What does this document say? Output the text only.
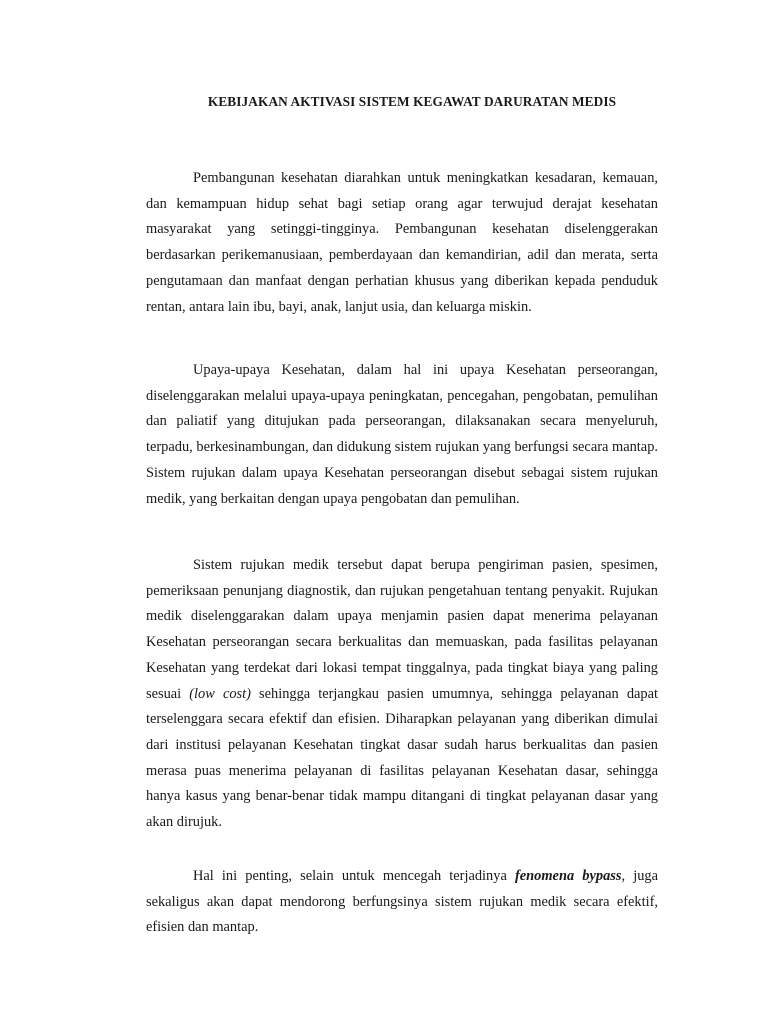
KEBIJAKAN AKTIVASI SISTEM KEGAWAT DARURATAN MEDIS

Pembangunan kesehatan diarahkan untuk meningkatkan kesadaran, kemauan, dan kemampuan hidup sehat bagi setiap orang agar terwujud derajat kesehatan masyarakat yang setinggi-tingginya. Pembangunan kesehatan diselenggerakan berdasarkan perikemanusiaan, pemberdayaan dan kemandirian, adil dan merata, serta pengutamaan dan manfaat dengan perhatian khusus yang diberikan kepada penduduk rentan, antara lain ibu, bayi, anak, lanjut usia, dan keluarga miskin.

Upaya-upaya Kesehatan, dalam hal ini upaya Kesehatan perseorangan, diselenggarakan melalui upaya-upaya peningkatan, pencegahan, pengobatan, pemulihan dan paliatif yang ditujukan pada perseorangan, dilaksanakan secara menyeluruh, terpadu, berkesinambungan, dan didukung sistem rujukan yang berfungsi secara mantap. Sistem rujukan dalam upaya Kesehatan perseorangan disebut sebagai sistem rujukan medik, yang berkaitan dengan upaya pengobatan dan pemulihan.

Sistem rujukan medik tersebut dapat berupa pengiriman pasien, spesimen, pemeriksaan penunjang diagnostik, dan rujukan pengetahuan tentang penyakit. Rujukan medik diselenggarakan dalam upaya menjamin pasien dapat menerima pelayanan Kesehatan perseorangan secara berkualitas dan memuaskan, pada fasilitas pelayanan Kesehatan yang terdekat dari lokasi tempat tinggalnya, pada tingkat biaya yang paling sesuai (low cost) sehingga terjangkau pasien umumnya, sehingga pelayanan dapat terselenggara secara efektif dan efisien. Diharapkan pelayanan yang diberikan dimulai dari institusi pelayanan Kesehatan tingkat dasar sudah harus berkualitas dan pasien merasa puas menerima pelayanan di fasilitas pelayanan Kesehatan dasar, sehingga hanya kasus yang benar-benar tidak mampu ditangani di tingkat pelayanan dasar yang akan dirujuk.

Hal ini penting, selain untuk mencegah terjadinya fenomena bypass, juga sekaligus akan dapat mendorong berfungsinya sistem rujukan medik secara efektif, efisien dan mantap.
